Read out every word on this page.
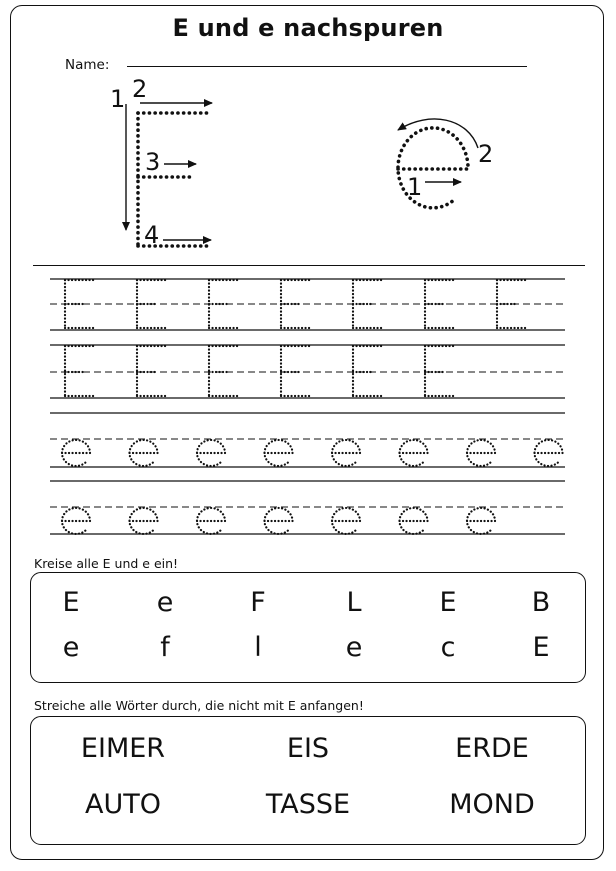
E und e nachspuren
Name:
1 2
3
4
1
2
Kreise alle E und e ein!
E	e	F	L	E	B
e	f	l	e	c	E
Streiche alle Wörter durch, die nicht mit E anfangen!
EIMER	EIS	ERDE
AUTO	TASSE	MOND
